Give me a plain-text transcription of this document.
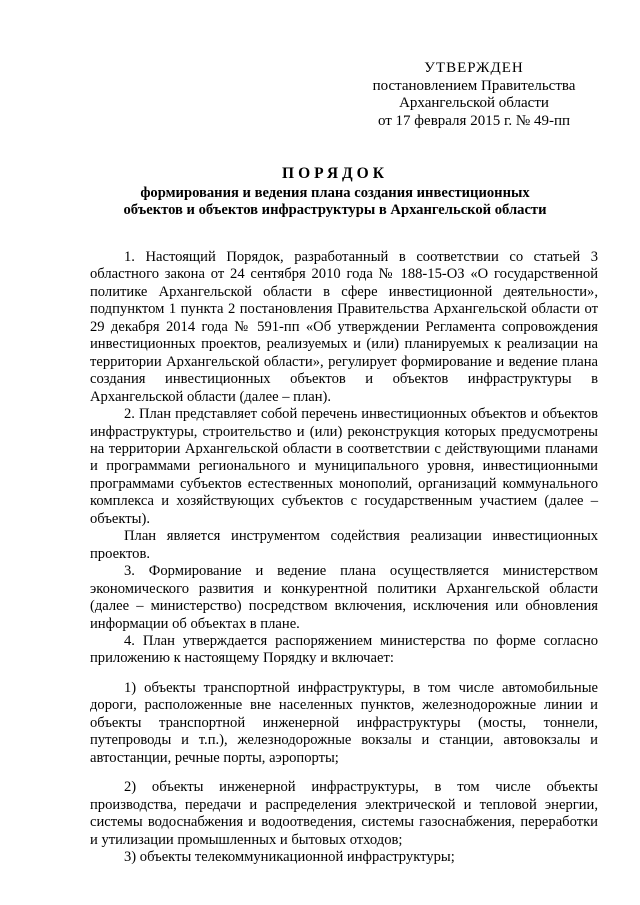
УТВЕРЖДЕН
постановлением Правительства
Архангельской области
от 17 февраля 2015 г. № 49-пп
ПОРЯДОК
формирования и ведения плана создания инвестиционных
объектов и объектов инфраструктуры в Архангельской области

1. Настоящий Порядок, разработанный в соответствии со статьей 3 областного закона от 24 сентября 2010 года № 188-15-ОЗ «О государственной политике Архангельской области в сфере инвестиционной деятельности», подпунктом 1 пункта 2 постановления Правительства Архангельской области от 29 декабря 2014 года № 591-пп «Об утверждении Регламента сопровождения инвестиционных проектов, реализуемых и (или) планируемых к реализации на территории Архангельской области», регулирует формирование и ведение плана создания инвестиционных объектов и объектов инфраструктуры в Архангельской области (далее – план).

2. План представляет собой перечень инвестиционных объектов и объектов инфраструктуры, строительство и (или) реконструкция которых предусмотрены на территории Архангельской области в соответствии с действующими планами и программами регионального и муниципального уровня, инвестиционными программами субъектов естественных монополий, организаций коммунального комплекса и хозяйствующих субъектов с государственным участием (далее – объекты).

План является инструментом содействия реализации инвестиционных проектов.

3. Формирование и ведение плана осуществляется министерством экономического развития и конкурентной политики Архангельской области (далее – министерство) посредством включения, исключения или обновления информации об объектах в плане.

4. План утверждается распоряжением министерства по форме согласно приложению к настоящему Порядку и включает:

1) объекты транспортной инфраструктуры, в том числе автомобильные дороги, расположенные вне населенных пунктов, железнодорожные линии и объекты транспортной инженерной инфраструктуры (мосты, тоннели, путепроводы и т.п.), железнодорожные вокзалы и станции, автовокзалы и автостанции, речные порты, аэропорты;

2) объекты инженерной инфраструктуры, в том числе объекты производства, передачи и распределения электрической и тепловой энергии, системы водоснабжения и водоотведения, системы газоснабжения, переработки и утилизации промышленных и бытовых отходов;

3) объекты телекоммуникационной инфраструктуры;
